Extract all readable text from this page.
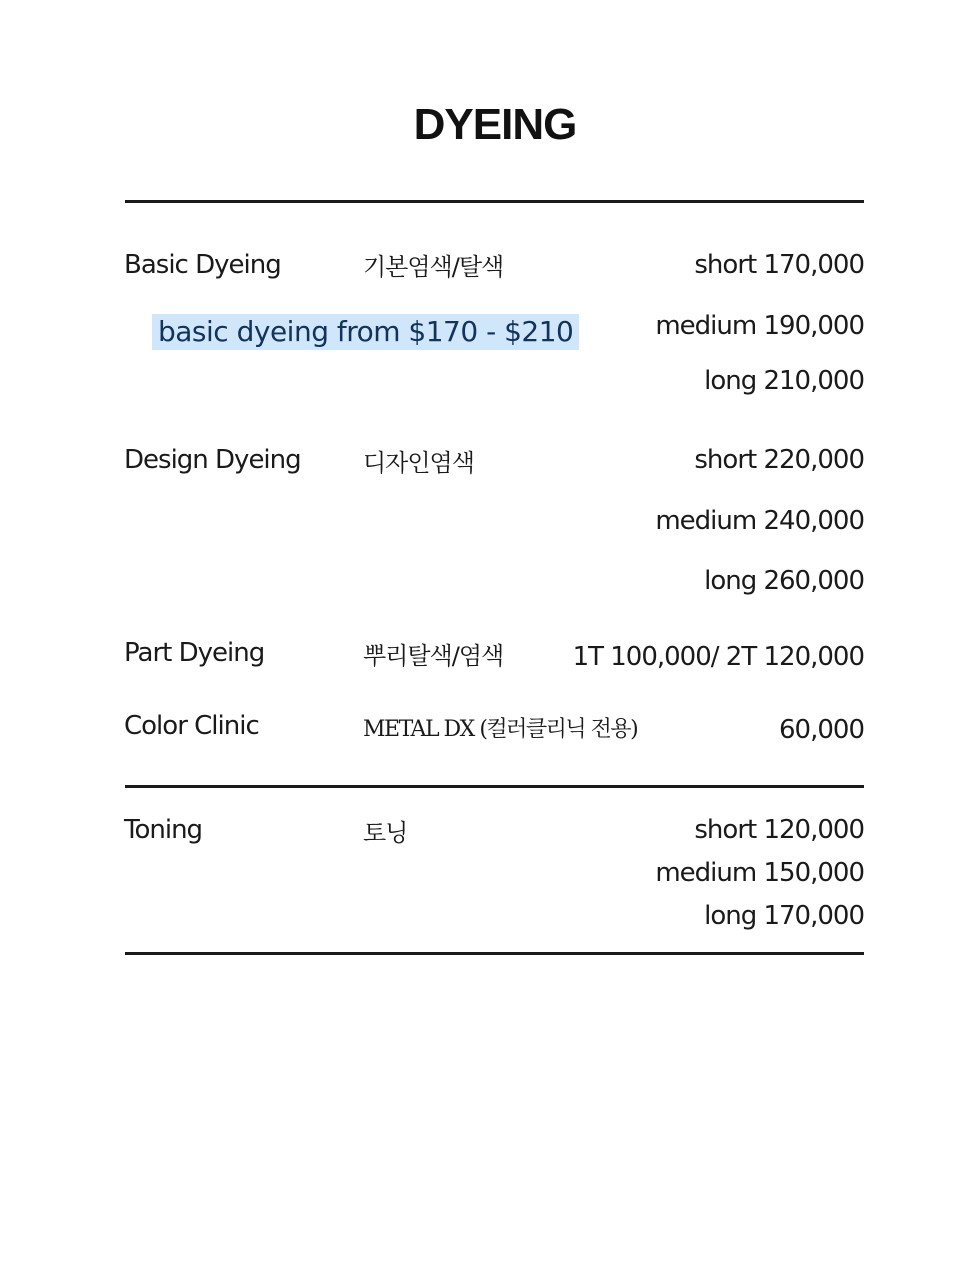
DYEING
Basic Dyeing	기본염색/탈색	short 170,000
medium 190,000
long 210,000
basic dyeing from $170 - $210
Design Dyeing	디자인염색	short 220,000
medium 240,000
long 260,000
Part Dyeing	뿌리탈색/염색	1T 100,000/ 2T 120,000
Color Clinic	METAL DX (컬러클리닉 전용)	60,000
Toning	토닝	short 120,000
medium 150,000
long 170,000
